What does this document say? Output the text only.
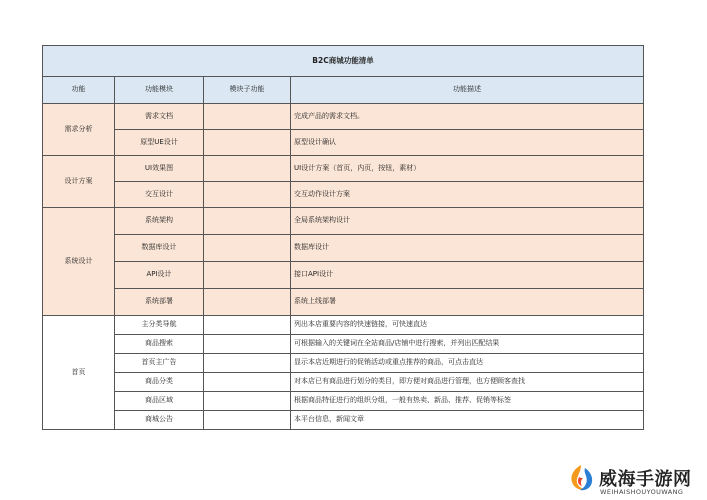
B2C商城功能清单			
功能	功能模块	模块子功能	功能描述
需求分析	需求文档		完成产品的需求文档。
	原型UE设计		原型设计确认
设计方案	UI效果图		UI设计方案（首页，内页，按钮，素材）
	交互设计		交互动作设计方案
系统设计	系统架构		全局系统架构设计
	数据库设计		数据库设计
	API设计		接口API设计
	系统部署		系统上线部署
首页	主分类导航		列出本店重要内容的快速链接，可快速直达
	商品搜索		可根据输入的关键词在全站商品/店铺中进行搜索，并列出匹配结果
	首页主广告		显示本店近期进行的促销活动或重点推荐的商品，可点击直达
	商品分类		对本店已有商品进行划分的类目，即方便对商品进行管理，也方便顾客查找
	商品区域		根据商品特征进行的组织分组，一般有热卖、新品、推荐、促销等标签
	商城公告		本平台信息，新闻文章
威海手游网
WEIHAISHOUYOUWANG
